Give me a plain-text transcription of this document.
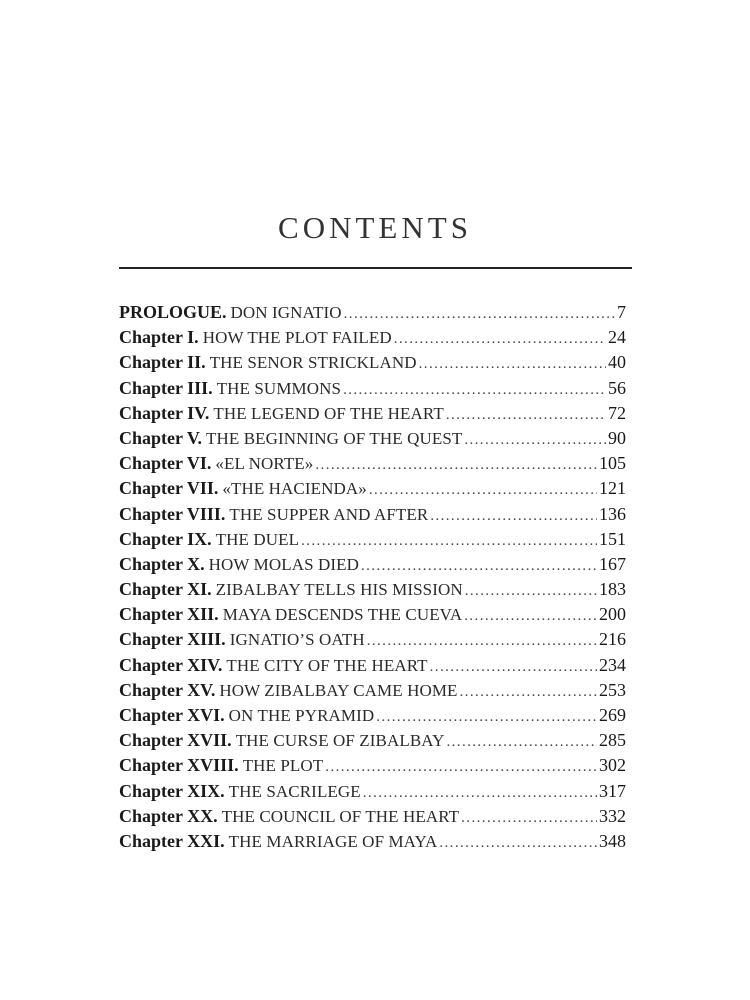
CONTENTS
PROLOGUE. DON IGNATIO .....	7
Chapter I. HOW THE PLOT FAILED .....	24
Chapter II. THE SENOR STRICKLAND .....	40
Chapter III. THE SUMMONS .....	56
Chapter IV. THE LEGEND OF THE HEART .....	72
Chapter V. THE BEGINNING OF THE QUEST .....	90
Chapter VI. «EL NORTE» .....	105
Chapter VII. «THE HACIENDA» .....	121
Chapter VIII. THE SUPPER AND AFTER .....	136
Chapter IX. THE DUEL .....	151
Chapter X. HOW MOLAS DIED .....	167
Chapter XI. ZIBALBAY TELLS HIS MISSION .....	183
Chapter XII. MAYA DESCENDS THE CUEVA .....	200
Chapter XIII. IGNATIO’S OATH .....	216
Chapter XIV. THE CITY OF THE HEART .....	234
Chapter XV. HOW ZIBALBAY CAME HOME .....	253
Chapter XVI. ON THE PYRAMID .....	269
Chapter XVII. THE CURSE OF ZIBALBAY .....	285
Chapter XVIII. THE PLOT .....	302
Chapter XIX. THE SACRILEGE .....	317
Chapter XX. THE COUNCIL OF THE HEART .....	332
Chapter XXI. THE MARRIAGE OF MAYA .....	348
